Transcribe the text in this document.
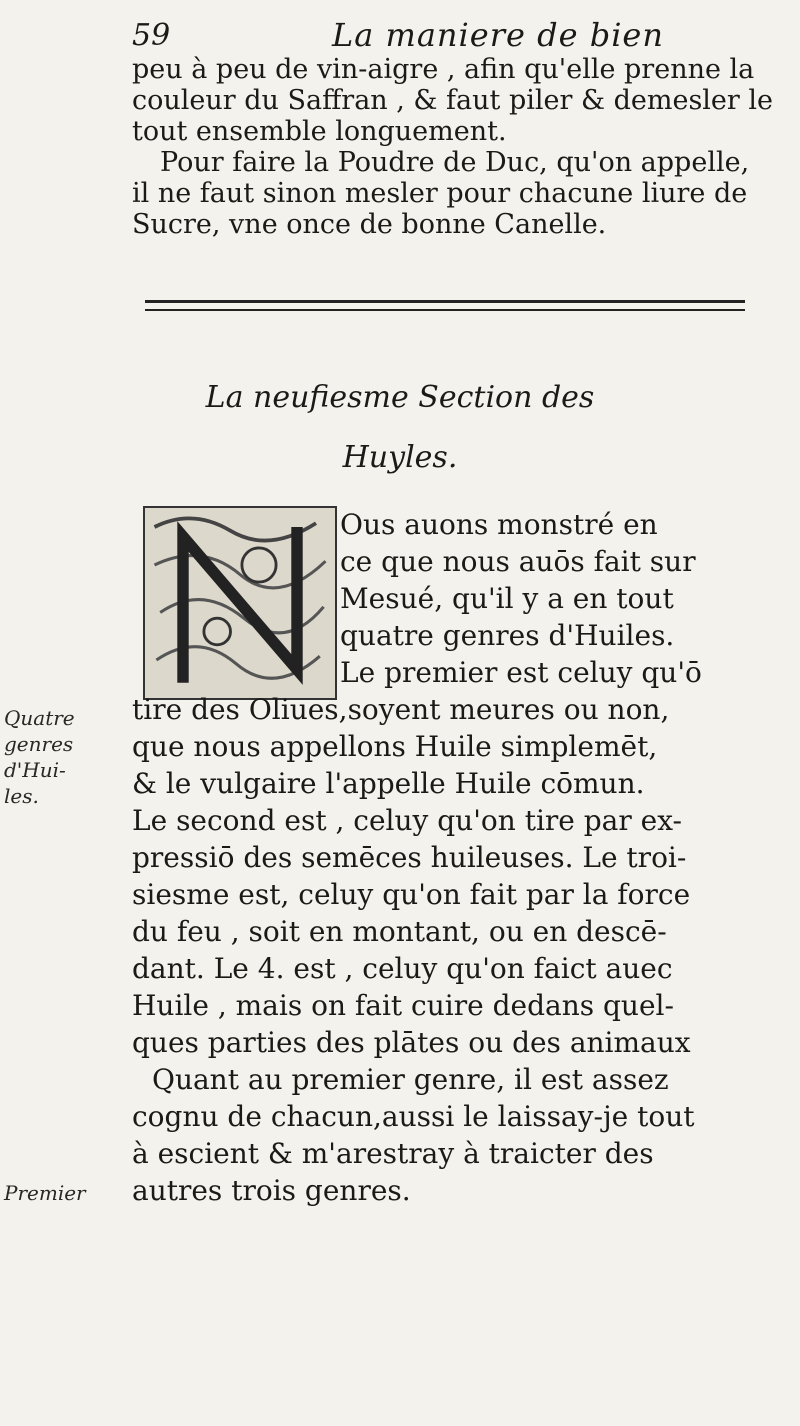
59	La maniere de bien
peu à peu de vin-aigre , afin qu'elle prenne la
couleur du Saffran , & faut piler & demesler le
tout ensemble longuement.
Pour faire la Poudre de Duc, qu'on appelle,
il ne faut sinon mesler pour chacune liure de
Sucre, vne once de bonne Canelle.
La neufiesme Section des
Huyles.
Ous auons monstré en
ce que nous auōs fait sur
Mesué, qu'il y a en tout
quatre genres d'Huiles.
Le premier est celuy qu'ō
tire des Oliues,soyent meures ou non,
que nous appellons Huile simplemēt,
& le vulgaire l'appelle Huile cōmun.
Le second est , celuy qu'on tire par ex-
pressiō des semēces huileuses. Le troi-
siesme est, celuy qu'on fait par la force
du feu , soit en montant, ou en descē-
dant. Le 4. est , celuy qu'on faict auec
Huile , mais on fait cuire dedans quel-
ques parties des plātes ou des animaux
Quant au premier genre, il est assez
cognu de chacun,aussi le laissay-je tout
à escient & m'arestray à traicter des
autres trois genres.
Quatre
genres
d'Hui-
les.
Premier
